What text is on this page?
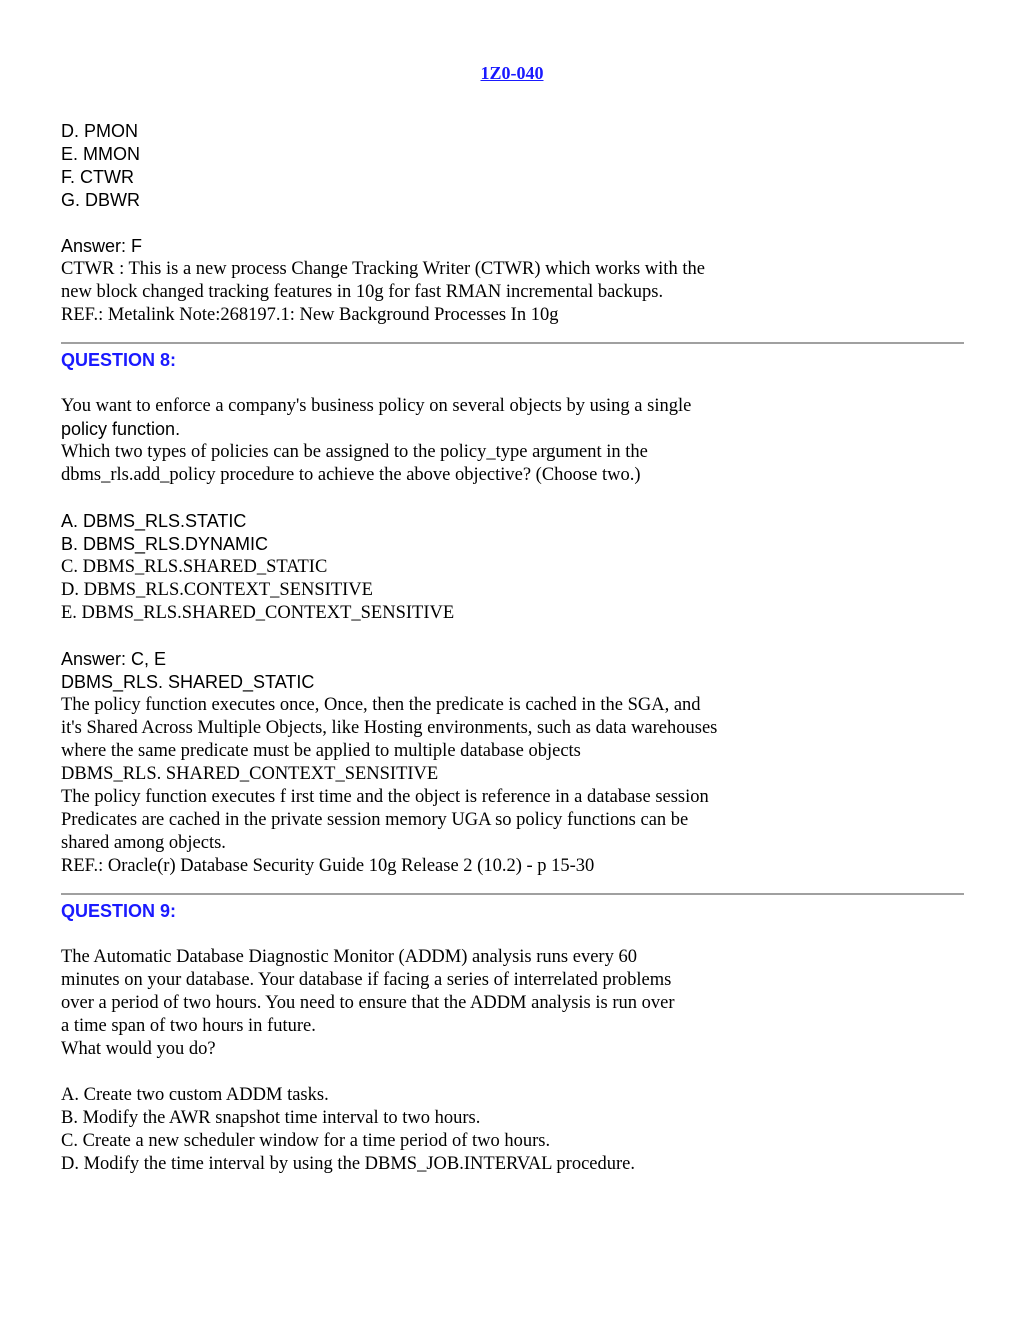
1Z0-040
D. PMON
E. MMON
F. CTWR
G. DBWR
Answer: F
CTWR : This is a new process Change Tracking Writer (CTWR) which works with the
new block changed tracking features in 10g for fast RMAN incremental backups.
REF.: Metalink Note:268197.1: New Background Processes In 10g
QUESTION 8:
You want to enforce a company's business policy on several objects by using a single
policy function.
Which two types of policies can be assigned to the policy_type argument in the
dbms_rls.add_policy procedure to achieve the above objective? (Choose two.)
A. DBMS_RLS.STATIC
B. DBMS_RLS.DYNAMIC
C. DBMS_RLS.SHARED_STATIC
D. DBMS_RLS.CONTEXT_SENSITIVE
E. DBMS_RLS.SHARED_CONTEXT_SENSITIVE
Answer: C, E
DBMS_RLS. SHARED_STATIC
The policy function executes once, Once, then the predicate is cached in the SGA, and
it's Shared Across Multiple Objects, like Hosting environments, such as data warehouses
where the same predicate must be applied to multiple database objects
DBMS_RLS. SHARED_CONTEXT_SENSITIVE
The policy function executes f irst time and the object is reference in a database session
Predicates are cached in the private session memory UGA so policy functions can be
shared among objects.
REF.: Oracle(r) Database Security Guide 10g Release 2 (10.2) - p 15-30
QUESTION 9:
The Automatic Database Diagnostic Monitor (ADDM) analysis runs every 60
minutes on your database. Your database if facing a series of interrelated problems
over a period of two hours. You need to ensure that the ADDM analysis is run over
a time span of two hours in future.
What would you do?
A. Create two custom ADDM tasks.
B. Modify the AWR snapshot time interval to two hours.
C. Create a new scheduler window for a time period of two hours.
D. Modify the time interval by using the DBMS_JOB.INTERVAL procedure.
